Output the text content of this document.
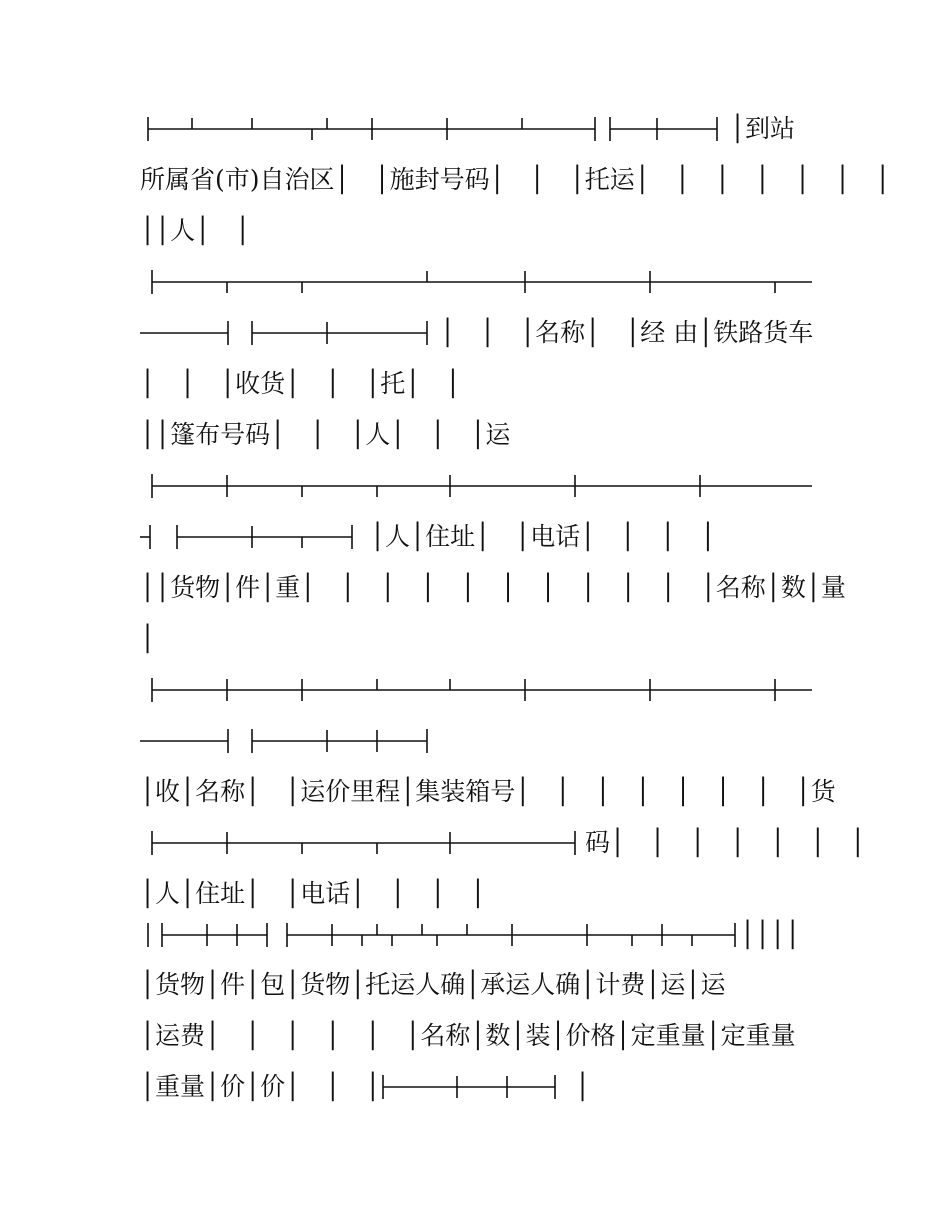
│到站
所属省(市)自治区│　│施封号码│　│　│托运│　│　│　│　│　│　│
││人│　│
│　│　│名称│　│经 由│铁路货车
│　│　│收货│　│　│托│　│
││篷布号码│　│　│人│　│　│运
│人│住址│　│电话│　│　│　│
││货物│件│重│　│　│　│　│　│　│　│　│　│　│名称│数│量
│
│收│名称│　│运价里程│集装箱号│　│　│　│　│　│　│　│货
码│　│　│　│　│　│　│
│人│住址│　│电话│　│　│　│
││││
│货物│件│包│货物│托运人确│承运人确│计费│运│运
│运费│　│　│　│　│　│名称│数│装│价格│定重量│定重量
│重量│价│价│　│　│	│
